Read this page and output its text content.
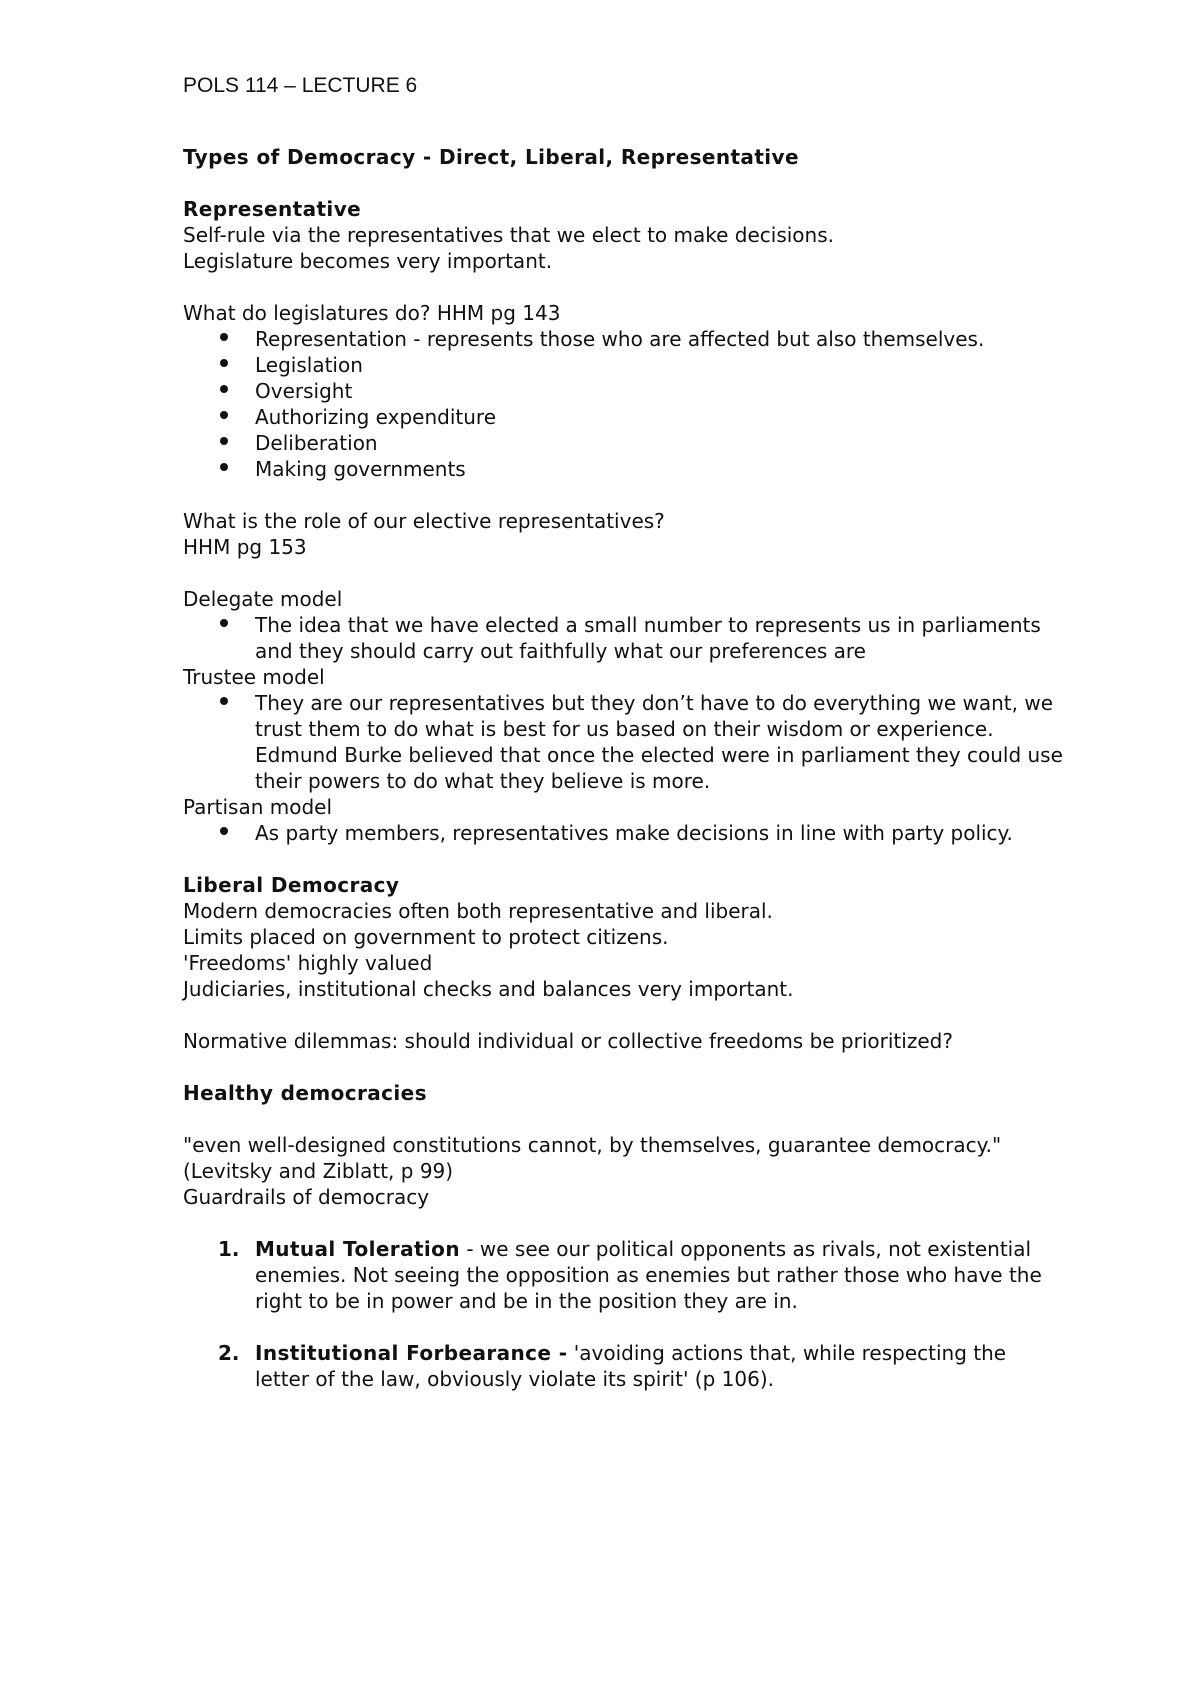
POLS 114 – LECTURE 6
Types of Democracy - Direct, Liberal, Representative
Representative
Self-rule via the representatives that we elect to make decisions.
Legislature becomes very important.
What do legislatures do? HHM pg 143
Representation - represents those who are affected but also themselves.
Legislation
Oversight
Authorizing expenditure
Deliberation
Making governments
What is the role of our elective representatives?
HHM pg 153
Delegate model
The idea that we have elected a small number to represents us in parliaments and they should carry out faithfully what our preferences are
Trustee model
They are our representatives but they don’t have to do everything we want, we trust them to do what is best for us based on their wisdom or experience. Edmund Burke believed that once the elected were in parliament they could use their powers to do what they believe is more.
Partisan model
As party members, representatives make decisions in line with party policy.
Liberal Democracy
Modern democracies often both representative and liberal.
Limits placed on government to protect citizens.
'Freedoms' highly valued
Judiciaries, institutional checks and balances very important.
Normative dilemmas: should individual or collective freedoms be prioritized?
Healthy democracies
"even well-designed constitutions cannot, by themselves, guarantee democracy." (Levitsky and Ziblatt, p 99)
Guardrails of democracy
1. Mutual Toleration - we see our political opponents as rivals, not existential enemies. Not seeing the opposition as enemies but rather those who have the right to be in power and be in the position they are in.
2. Institutional Forbearance - 'avoiding actions that, while respecting the letter of the law, obviously violate its spirit' (p 106).
